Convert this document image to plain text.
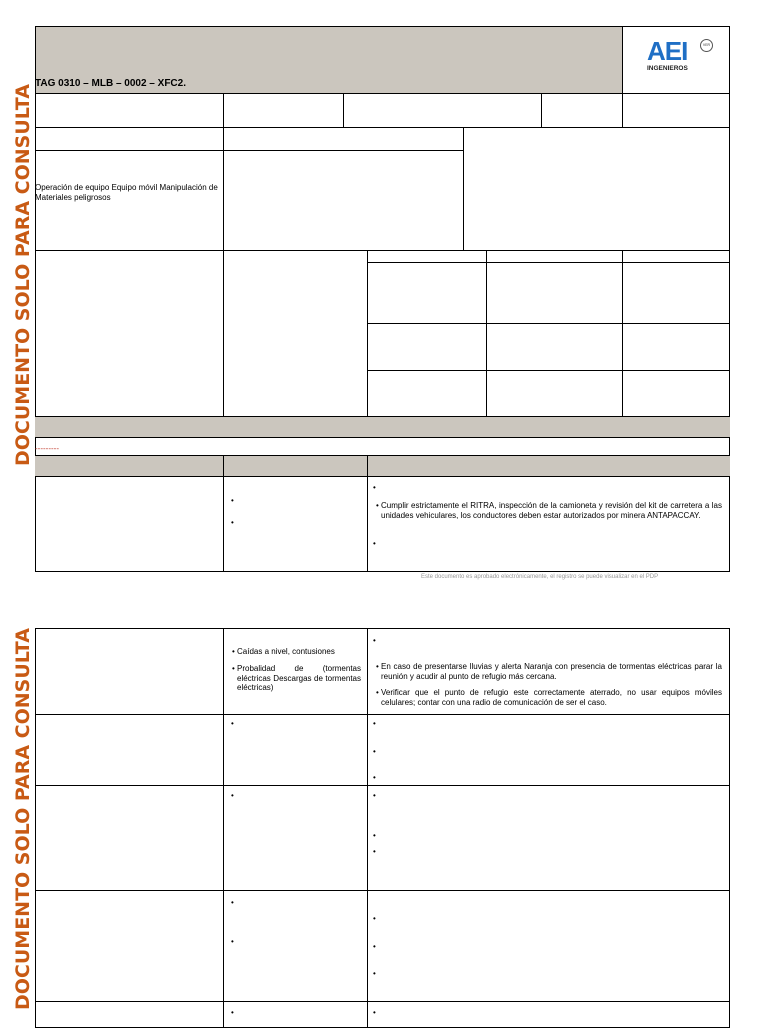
TAG 0310 – MLB – 0002 – XFC2.
AEI	VER
INGENIEROS
DOCUMENTO SOLO PARA CONSULTA Operación de equipo Equipo móvil Manipulación de Materiales peligrosos
---------
•
•
•
• Cumplir estrictamente el RITRA, inspección de la camioneta y revisión del kit de carretera a las unidades vehiculares, los conductores deben estar autorizados por minera ANTAPACCAY.
•
Este documento es aprobado electrónicamente, el registro se puede visualizar en el PDP
DOCUMENTO SOLO PARA CONSULTA
•	Caídas a nivel, contusiones
• Probalidad de (tormentas eléctricas Descargas de tormentas eléctricas)
•
• En caso de presentarse lluvias y alerta Naranja con presencia de tormentas eléctricas parar la reunión y acudir al punto de refugio más cercana.
• Verificar que el punto de refugio este correctamente aterrado, no usar equipos móviles celulares; contar con una radio de comunicación de ser el caso.
•	•
•
•
•	•
•
•
•
•
•
•
•
•	•
